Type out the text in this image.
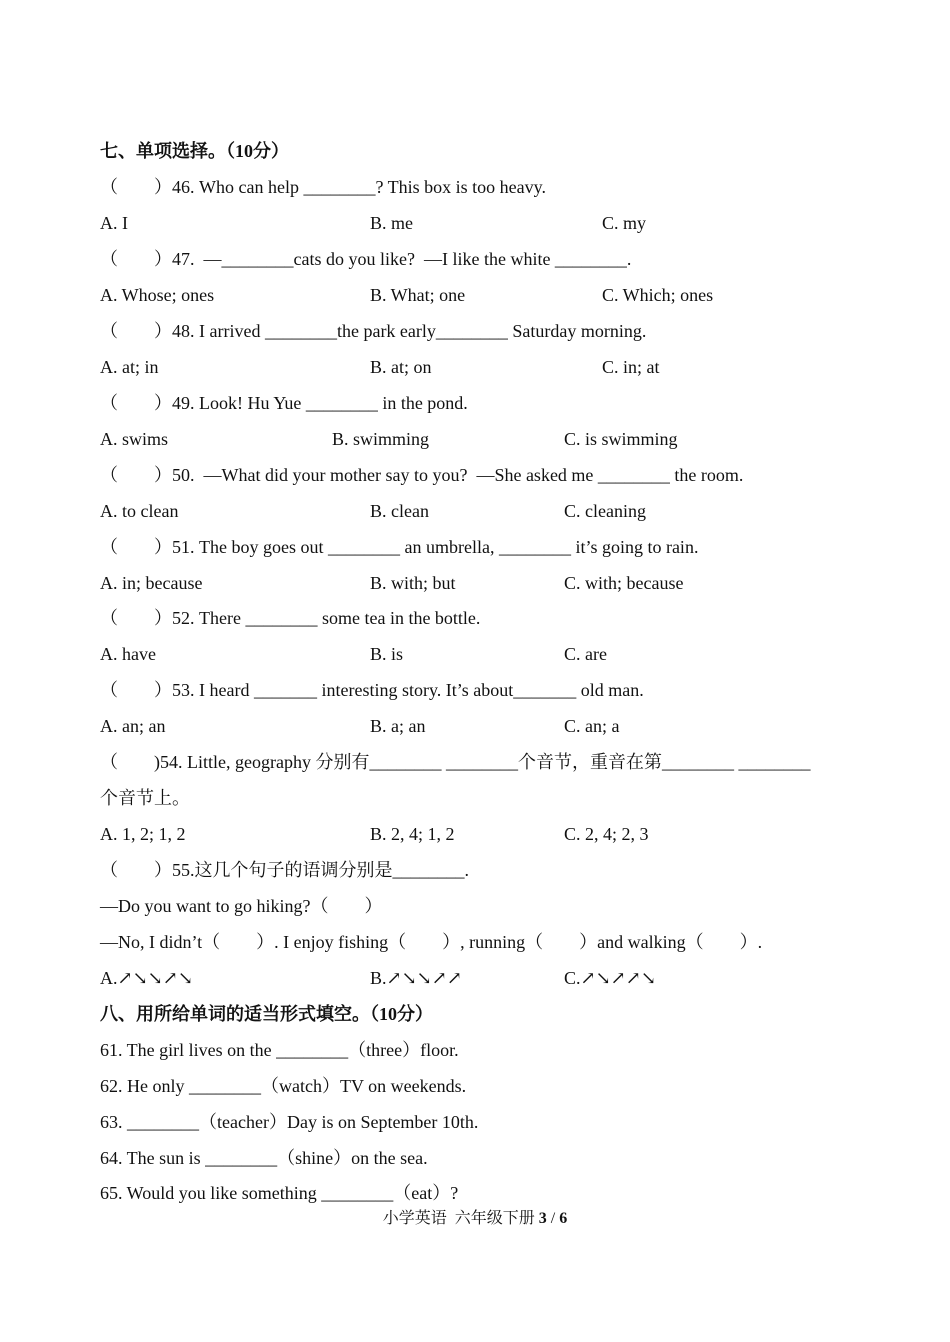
七、单项选择。（10分）
（        ）46. Who can help ________? This box is too heavy.
A. I	B. me	C. my
（        ）47.  —________cats do you like?  —I like the white ________.
A. Whose; ones	B. What; one	C. Which; ones
（        ）48. I arrived ________the park early________ Saturday morning.
A. at; in	B. at; on	C. in; at
（        ）49. Look! Hu Yue ________ in the pond.
A. swims	B. swimming	C. is swimming
（        ）50.  —What did your mother say to you?  —She asked me ________ the room.
A. to clean	B. clean	C. cleaning
（        ）51. The boy goes out ________ an umbrella, ________ it’s going to rain.
A. in; because	B. with; but	C. with; because
（        ）52. There ________ some tea in the bottle.
A. have	B. is	C. are
（        ）53. I heard _______ interesting story. It’s about_______ old man.
A. an; an	B. a; an	C. an; a
（        )54. Little, geography 分别有________ ________个音节，重音在第________ ________
个音节上。
A. 1, 2; 1, 2	B. 2, 4; 1, 2	C. 2, 4; 2, 3
（        ）55.这几个句子的语调分别是________.
—Do you want to go hiking?（        ）
—No, I didn’t（        ）. I enjoy fishing（        ）, running（        ）and walking（        ）.
A.↗↘↘↗↘	B.↗↘↘↗↗	C.↗↘↗↗↘
八、用所给单词的适当形式填空。（10分）
61. The girl lives on the ________（three）floor.
62. He only ________（watch）TV on weekends.
63. ________（teacher）Day is on September 10th.
64. The sun is ________（shine）on the sea.
65. Would you like something ________（eat）?
小学英语  六年级下册 3 / 6
